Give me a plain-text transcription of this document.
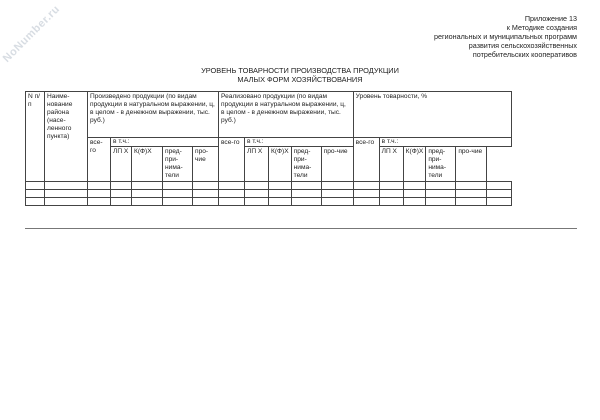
NoNumber.ru	Приложение 13
к Методике создания
региональных и муниципальных программ
развития сельскохозяйственных
потребительских кооперативов
УРОВЕНЬ ТОВАРНОСТИ ПРОИЗВОДСТВА ПРОДУКЦИИ
МАЛЫХ ФОРМ ХОЗЯЙСТВОВАНИЯ
N п/п	Наиме-нование района (насе-ленного пункта)	Произведено продукции (по видам продукции в натуральном выражении, ц, в целом - в денежном выражении, тыс. руб.)					Реализовано продукции (по видам продукции в натуральном выражении, ц, в целом - в денежном выражении, тыс. руб.)					Уровень товарности, %					
		все-го	в т.ч.:				все-го	в т.ч.:				все-го	в т.ч.:				
			ЛП Х	К(Ф)Х	пред-при-нима-тели	про-чие		ЛП Х	К(Ф)Х	пред-при-нима-тели	про-чие		ЛП Х	К(Ф)Х	пред-при-нима-тели	про-чие	
